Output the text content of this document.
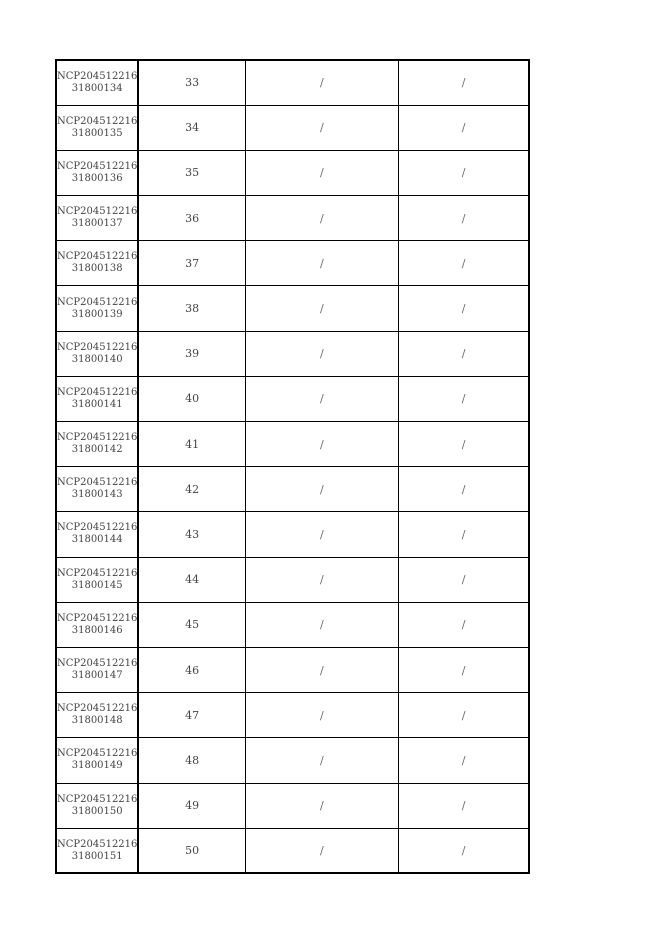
NCP204512216
31800134	33	/	/

NCP204512216
31800135	34	/	/

NCP204512216
31800136	35	/	/

NCP204512216
31800137	36	/	/

NCP204512216
31800138	37	/	/

NCP204512216
31800139	38	/	/

NCP204512216
31800140	39	/	/

NCP204512216
31800141	40	/	/

NCP204512216
31800142	41	/	/

NCP204512216
31800143	42	/	/

NCP204512216
31800144	43	/	/

NCP204512216
31800145	44	/	/

NCP204512216
31800146	45	/	/

NCP204512216
31800147	46	/	/

NCP204512216
31800148	47	/	/

NCP204512216
31800149	48	/	/

NCP204512216
31800150	49	/	/

NCP204512216
31800151	50	/	/
